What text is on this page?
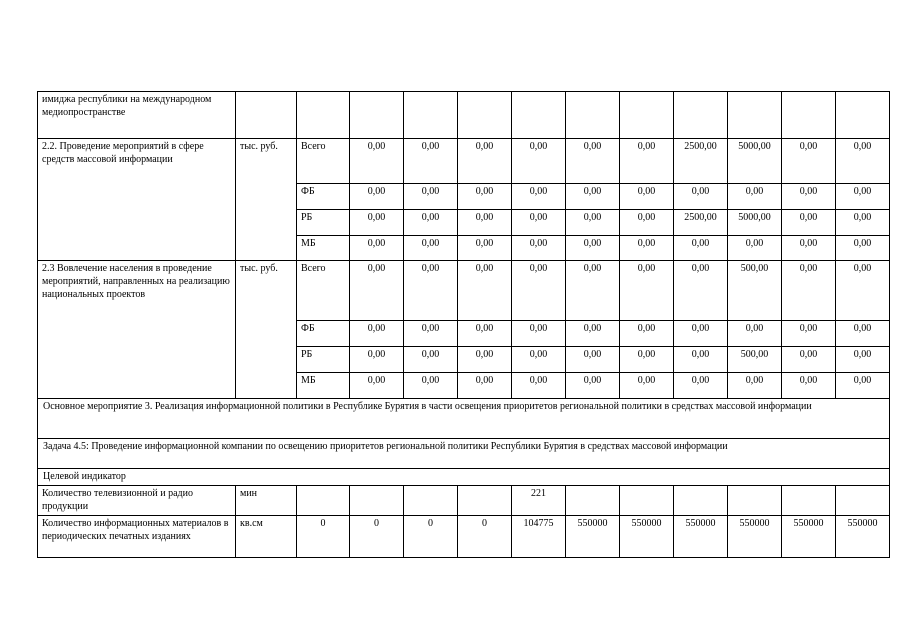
имиджа республики на международном медиопространстве												
2.2. Проведение мероприятий в сфере средств массовой информации	тыс. руб.	Всего	0,00	0,00	0,00	0,00	0,00	0,00	2500,00	5000,00	0,00	0,00
		ФБ	0,00	0,00	0,00	0,00	0,00	0,00	0,00	0,00	0,00	0,00
		РБ	0,00	0,00	0,00	0,00	0,00	0,00	2500,00	5000,00	0,00	0,00
		МБ	0,00	0,00	0,00	0,00	0,00	0,00	0,00	0,00	0,00	0,00
2.3 Вовлечение населения в проведение мероприятий, направленных на реализацию национальных проектов	тыс. руб.	Всего	0,00	0,00	0,00	0,00	0,00	0,00	0,00	500,00	0,00	0,00
		ФБ	0,00	0,00	0,00	0,00	0,00	0,00	0,00	0,00	0,00	0,00
		РБ	0,00	0,00	0,00	0,00	0,00	0,00	0,00	500,00	0,00	0,00
		МБ	0,00	0,00	0,00	0,00	0,00	0,00	0,00	0,00	0,00	0,00
Основное мероприятие 3. Реализация информационной политики в Республике Бурятия в части освещения приоритетов региональной политики в средствах массовой информации												
Задача 4.5: Проведение информационной компании по освещению приоритетов региональной политики Республики Бурятия в средствах массовой информации												
Целевой индикатор												
Количество телевизионной и радио продукции	мин					221						
Количество информационных материалов в периодических печатных изданиях	кв.см	0	0	0	0	104775	550000	550000	550000	550000	550000	550000
